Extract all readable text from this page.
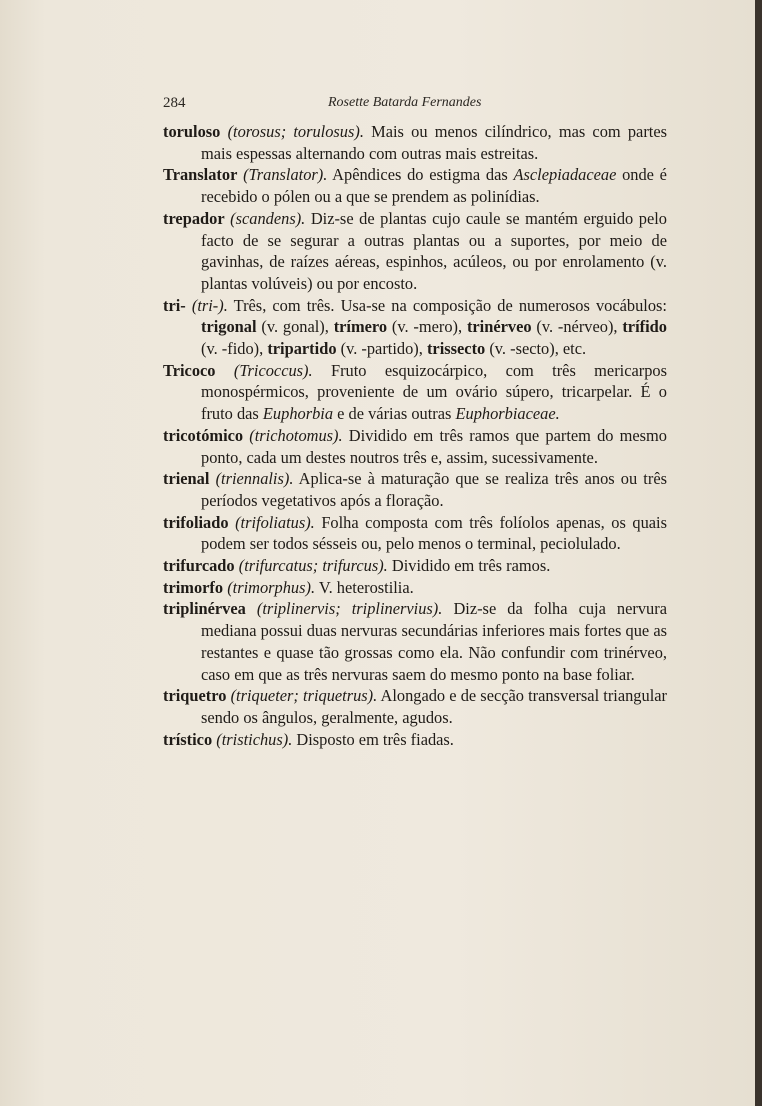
284	Rosette Batarda Fernandes

toruloso (torosus; torulosus). Mais ou menos cilíndrico, mas com partes mais espessas alternando com outras mais estreitas.

Translator (Translator). Apêndices do estigma das Asclepiadaceae onde é recebido o pólen ou a que se prendem as polinídias.

trepador (scandens). Diz-se de plantas cujo caule se mantém erguido pelo facto de se segurar a outras plantas ou a suportes, por meio de gavinhas, de raízes aéreas, espinhos, acúleos, ou por enrolamento (v. plantas volúveis) ou por encosto.

tri- (tri-). Três, com três. Usa-se na composição de numerosos vocábulos: trigonal (v. gonal), trímero (v. -mero), trinérveo (v. -nérveo), trífido (v. -fido), tripartido (v. -partido), trissecto (v. -secto), etc.

Tricoco (Tricoccus). Fruto esquizocárpico, com três mericarpos monospérmicos, proveniente de um ovário súpero, tricarpelar. É o fruto das Euphorbia e de várias outras Euphorbiaceae.

tricotómico (trichotomus). Dividido em três ramos que partem do mesmo ponto, cada um destes noutros três e, assim, sucessivamente.

trienal (triennalis). Aplica-se à maturação que se realiza três anos ou três períodos vegetativos após a floração.

trifoliado (trifoliatus). Folha composta com três folíolos apenas, os quais podem ser todos sésseis ou, pelo menos o terminal, peciolulado.

trifurcado (trifurcatus; trifurcus). Dividido em três ramos.

trimorfo (trimorphus). V. heterostilia.

triplinérvea (triplinervis; triplinervius). Diz-se da folha cuja nervura mediana possui duas nervuras secundárias inferiores mais fortes que as restantes e quase tão grossas como ela. Não confundir com trinérveo, caso em que as três nervuras saem do mesmo ponto na base foliar.

triquetro (triqueter; triquetrus). Alongado e de secção transversal triangular sendo os ângulos, geralmente, agudos.

trístico (tristichus). Disposto em três fiadas.
